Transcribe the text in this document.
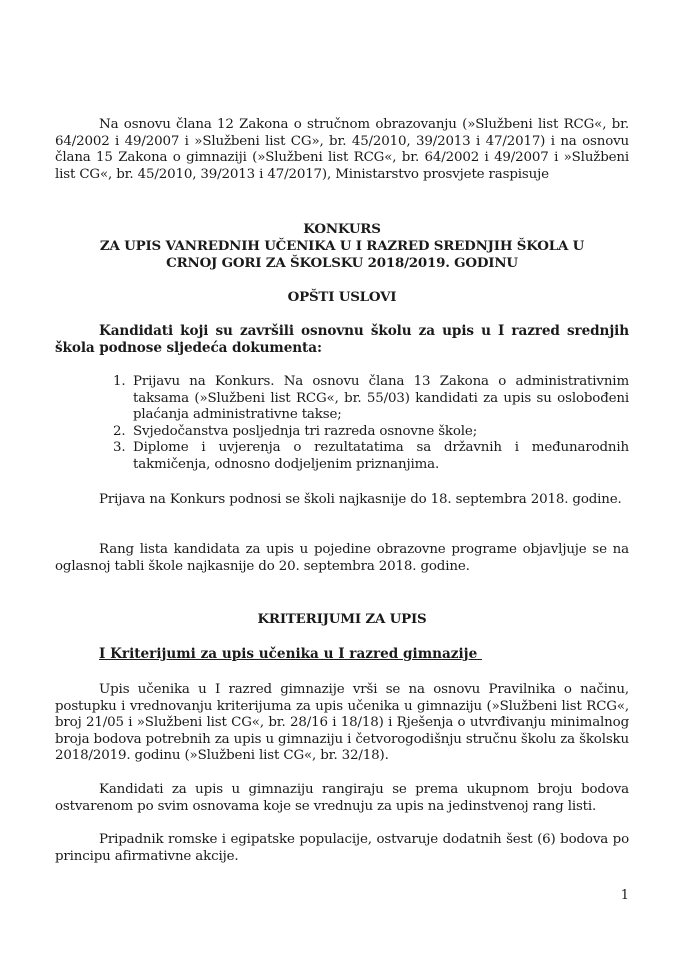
Na osnovu člana 12 Zakona o stručnom obrazovanju (»Službeni list RCG«, br. 64/2002 i 49/2007 i »Službeni list CG», br. 45/2010, 39/2013 i 47/2017) i na osnovu člana 15 Zakona o gimnaziji (»Službeni list RCG«, br. 64/2002 i 49/2007 i »Službeni list CG«, br. 45/2010, 39/2013 i 47/2017), Ministarstvo prosvjete raspisuje
KONKURS
ZA UPIS VANREDNIH UČENIKA U I RAZRED SREDNJIH ŠKOLA U
CRNOJ GORI ZA ŠKOLSKU 2018/2019. GODINU
OPŠTI USLOVI
Kandidati koji su završili osnovnu školu za upis u I razred srednjih škola podnose sljedeća dokumenta:
1. Prijavu na Konkurs. Na osnovu člana 13 Zakona o administrativnim taksama (»Službeni list RCG«, br. 55/03) kandidati za upis su oslobođeni plaćanja administrativne takse;
2. Svjedočanstva posljednja tri razreda osnovne škole;
3. Diplome i uvjerenja o rezultatatima sa državnih i međunarodnih takmičenja, odnosno dodjeljenim priznanjima.
Prijava na Konkurs podnosi se školi najkasnije do 18. septembra 2018. godine.
Rang lista kandidata za upis u pojedine obrazovne programe objavljuje se na oglasnoj tabli škole najkasnije do 20. septembra 2018. godine.
KRITERIJUMI ZA UPIS
I Kriterijumi za upis učenika u I razred gimnazije
Upis učenika u I razred gimnazije vrši se na osnovu Pravilnika o načinu, postupku i vrednovanju kriterijuma za upis učenika u gimnaziju (»Službeni list RCG«, broj 21/05 i »Službeni list CG«, br. 28/16 i 18/18) i Rješenja o utvrđivanju minimalnog broja bodova potrebnih za upis u gimnaziju i četvorogodišnju stručnu školu za školsku 2018/2019. godinu (»Službeni list CG«, br. 32/18).
Kandidati za upis u gimnaziju rangiraju se prema ukupnom broju bodova ostvarenom po svim osnovama koje se vrednuju za upis na jedinstvenoj rang listi.
Pripadnik romske i egipatske populacije, ostvaruje dodatnih šest (6) bodova po principu afirmativne akcije.
1
